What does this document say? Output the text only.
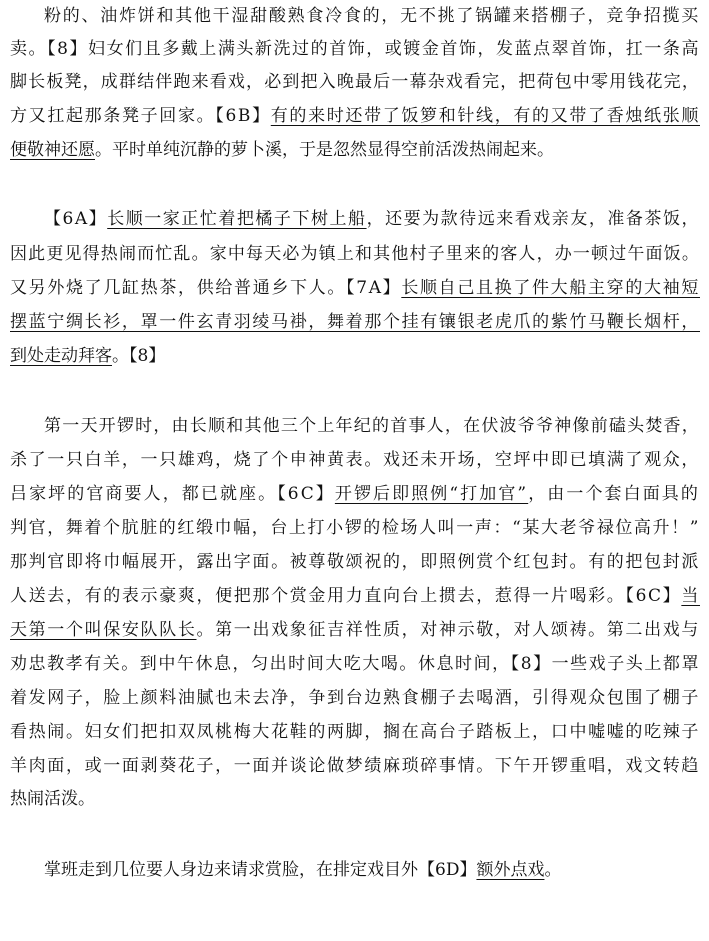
粉的、油炸饼和其他干湿甜酸熟食冷食的，无不挑了锅罐来搭棚子，竞争招揽买
卖。【8】妇女们且多戴上满头新洗过的首饰，或镀金首饰，发蓝点翠首饰，扛一条高
脚长板凳，成群结伴跑来看戏，必到把入晚最后一幕杂戏看完，把荷包中零用钱花完，
方又扛起那条凳子回家。【6B】有的来时还带了饭箩和针线，有的又带了香烛纸张顺
便敬神还愿。平时单纯沉静的萝卜溪，于是忽然显得空前活泼热闹起来。
【6A】长顺一家正忙着把橘子下树上船，还要为款待远来看戏亲友，准备茶饭，
因此更见得热闹而忙乱。家中每天必为镇上和其他村子里来的客人，办一顿过午面饭。
又另外烧了几缸热茶，供给普通乡下人。【7A】长顺自己且换了件大船主穿的大袖短
摆蓝宁绸长衫，罩一件玄青羽绫马褂，舞着那个挂有镶银老虎爪的紫竹马鞭长烟杆，
到处走动拜客。【8】
第一天开锣时，由长顺和其他三个上年纪的首事人，在伏波爷爷神像前磕头焚香，
杀了一只白羊，一只雄鸡，烧了个申神黄表。戏还未开场，空坪中即已填满了观众，
吕家坪的官商要人，都已就座。【6C】开锣后即照例“打加官”，由一个套白面具的
判官，舞着个肮脏的红缎巾幅，台上打小锣的检场人叫一声：“某大老爷禄位高升！”
那判官即将巾幅展开，露出字面。被尊敬颂祝的，即照例赏个红包封。有的把包封派
人送去，有的表示豪爽，便把那个赏金用力直向台上掼去，惹得一片喝彩。【6C】当
天第一个叫保安队队长。第一出戏象征吉祥性质，对神示敬，对人颂祷。第二出戏与
劝忠教孝有关。到中午休息，匀出时间大吃大喝。休息时间，【8】一些戏子头上都罩
着发网子，脸上颜料油腻也未去净，争到台边熟食棚子去喝酒，引得观众包围了棚子
看热闹。妇女们把扣双凤桃梅大花鞋的两脚，搁在高台子踏板上，口中嘘嘘的吃辣子
羊肉面，或一面剥葵花子，一面并谈论做梦绩麻琐碎事情。下午开锣重唱，戏文转趋
热闹活泼。
掌班走到几位要人身边来请求赏脸，在排定戏目外【6D】额外点戏。
